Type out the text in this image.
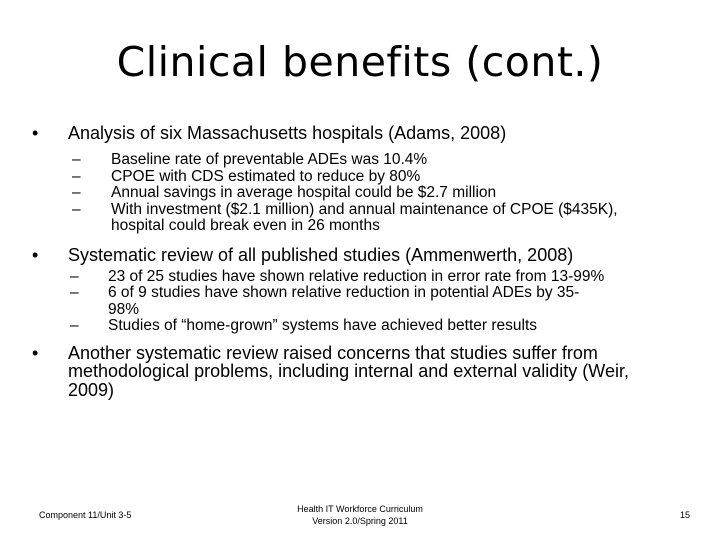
Clinical benefits (cont.)
• Analysis of six Massachusetts hospitals (Adams, 2008)
– Baseline rate of preventable ADEs was 10.4%
– CPOE with CDS estimated to reduce by 80%
– Annual savings in average hospital could be $2.7 million
– With investment ($2.1 million) and annual maintenance of CPOE ($435K), hospital could break even in 26 months
• Systematic review of all published studies (Ammenwerth, 2008)
– 23 of 25 studies have shown relative reduction in error rate from 13-99%
– 6 of 9 studies have shown relative reduction in potential ADEs by 35-98%
– Studies of “home-grown” systems have achieved better results
• Another systematic review raised concerns that studies suffer from methodological problems, including internal and external validity (Weir, 2009)
Component 11/Unit 3-5
Health IT Workforce Curriculum
Version 2.0/Spring 2011
15
